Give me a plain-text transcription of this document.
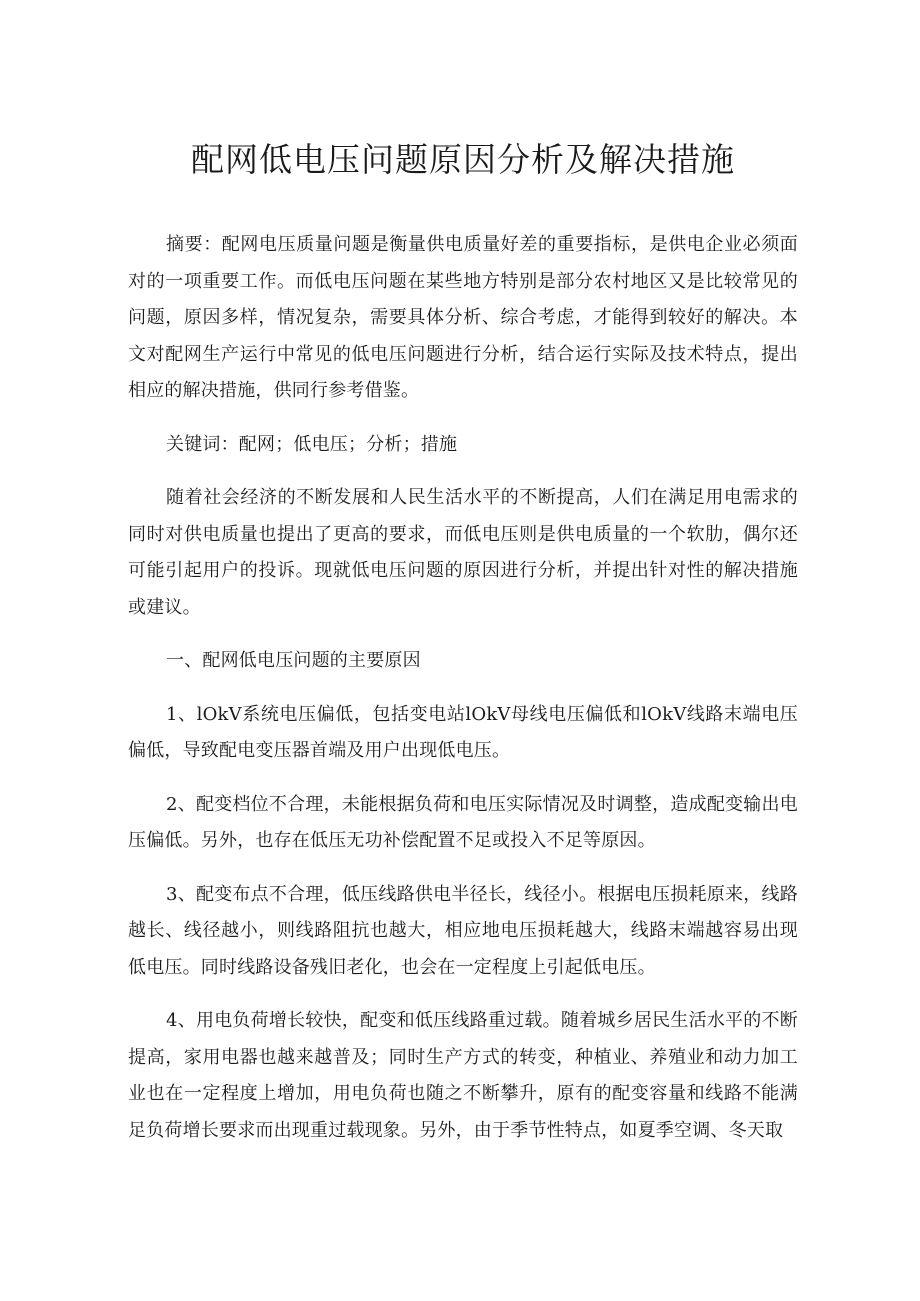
配网低电压问题原因分析及解决措施

摘要：配网电压质量问题是衡量供电质量好差的重要指标，是供电企业必须面对的一项重要工作。而低电压问题在某些地方特别是部分农村地区又是比较常见的问题，原因多样，情况复杂，需要具体分析、综合考虑，才能得到较好的解决。本文对配网生产运行中常见的低电压问题进行分析，结合运行实际及技术特点，提出相应的解决措施，供同行参考借鉴。

关键词：配网；低电压；分析；措施

随着社会经济的不断发展和人民生活水平的不断提高，人们在满足用电需求的同时对供电质量也提出了更高的要求，而低电压则是供电质量的一个软肋，偶尔还可能引起用户的投诉。现就低电压问题的原因进行分析，并提出针对性的解决措施或建议。

一、配网低电压问题的主要原因

1、lOkV系统电压偏低，包括变电站lOkV母线电压偏低和lOkV线路末端电压偏低，导致配电变压器首端及用户出现低电压。

2、配变档位不合理，未能根据负荷和电压实际情况及时调整，造成配变输出电压偏低。另外，也存在低压无功补偿配置不足或投入不足等原因。

3、配变布点不合理，低压线路供电半径长，线径小。根据电压损耗原来，线路越长、线径越小，则线路阻抗也越大，相应地电压损耗越大，线路末端越容易出现低电压。同时线路设备残旧老化，也会在一定程度上引起低电压。

4、用电负荷增长较快，配变和低压线路重过载。随着城乡居民生活水平的不断提高，家用电器也越来越普及；同时生产方式的转变，种植业、养殖业和动力加工业也在一定程度上增加，用电负荷也随之不断攀升，原有的配变容量和线路不能满足负荷增长要求而出现重过载现象。另外，由于季节性特点，如夏季空调、冬天取
